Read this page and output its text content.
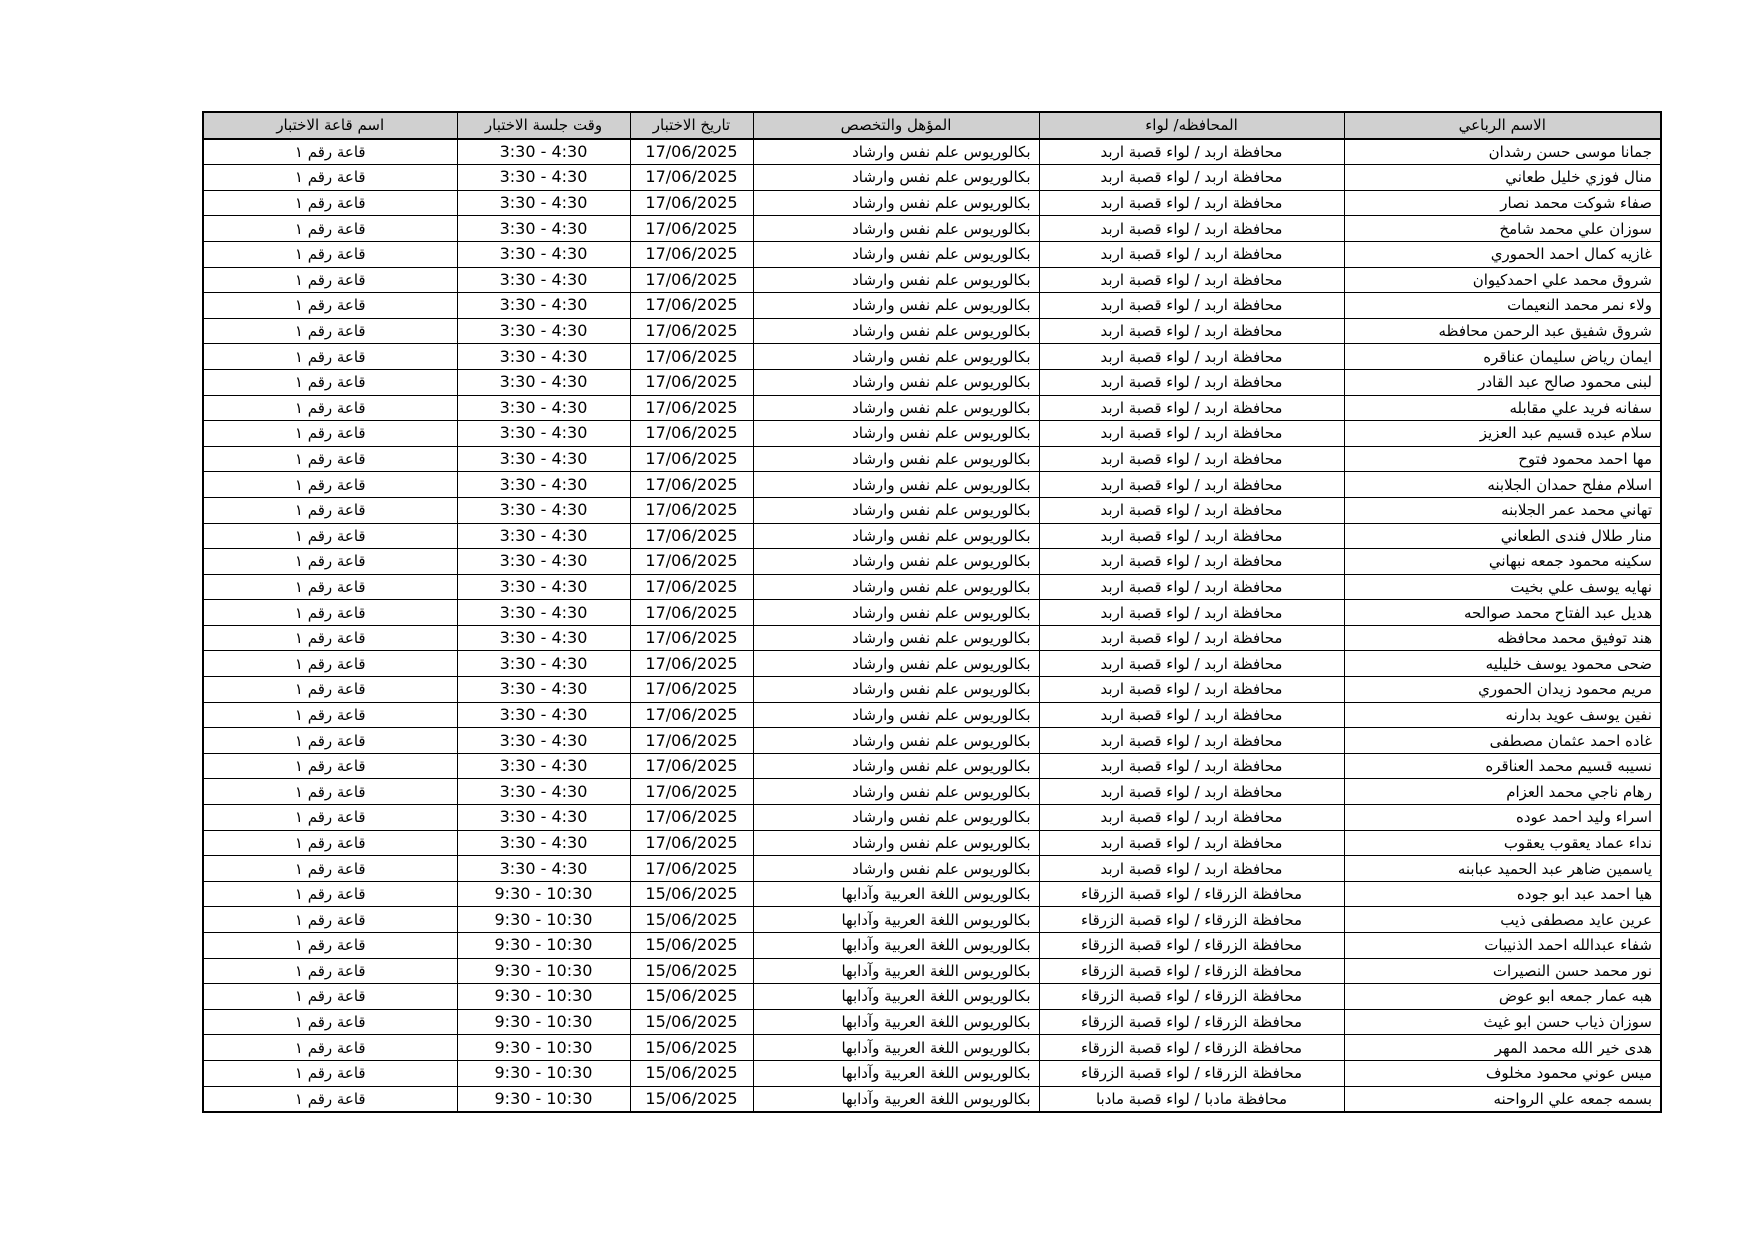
الاسم الرباعي	المحافظه/ لواء	المؤهل والتخصص	تاريخ الاختبار	وقت جلسة الاختبار	اسم قاعة الاختبار
جمانا موسى حسن رشدان	محافظة اربد / لواء قصبة اربد	بكالوريوس علم نفس وارشاد	17/06/2025	3:30 - 4:30	قاعة رقم ١
منال فوزي خليل طعاني	محافظة اربد / لواء قصبة اربد	بكالوريوس علم نفس وارشاد	17/06/2025	3:30 - 4:30	قاعة رقم ١
صفاء شوكت محمد نصار	محافظة اربد / لواء قصبة اربد	بكالوريوس علم نفس وارشاد	17/06/2025	3:30 - 4:30	قاعة رقم ١
سوزان علي محمد شامخ	محافظة اربد / لواء قصبة اربد	بكالوريوس علم نفس وارشاد	17/06/2025	3:30 - 4:30	قاعة رقم ١
غازيه كمال احمد الحموري	محافظة اربد / لواء قصبة اربد	بكالوريوس علم نفس وارشاد	17/06/2025	3:30 - 4:30	قاعة رقم ١
شروق محمد علي احمدكيوان	محافظة اربد / لواء قصبة اربد	بكالوريوس علم نفس وارشاد	17/06/2025	3:30 - 4:30	قاعة رقم ١
ولاء نمر محمد النعيمات	محافظة اربد / لواء قصبة اربد	بكالوريوس علم نفس وارشاد	17/06/2025	3:30 - 4:30	قاعة رقم ١
شروق شفيق عبد الرحمن محافظه	محافظة اربد / لواء قصبة اربد	بكالوريوس علم نفس وارشاد	17/06/2025	3:30 - 4:30	قاعة رقم ١
ايمان رياض سليمان عناقره	محافظة اربد / لواء قصبة اربد	بكالوريوس علم نفس وارشاد	17/06/2025	3:30 - 4:30	قاعة رقم ١
لبنى محمود صالح عبد القادر	محافظة اربد / لواء قصبة اربد	بكالوريوس علم نفس وارشاد	17/06/2025	3:30 - 4:30	قاعة رقم ١
سفانه فريد علي مقابله	محافظة اربد / لواء قصبة اربد	بكالوريوس علم نفس وارشاد	17/06/2025	3:30 - 4:30	قاعة رقم ١
سلام عبده قسيم عبد العزيز	محافظة اربد / لواء قصبة اربد	بكالوريوس علم نفس وارشاد	17/06/2025	3:30 - 4:30	قاعة رقم ١
مها احمد محمود فتوح	محافظة اربد / لواء قصبة اربد	بكالوريوس علم نفس وارشاد	17/06/2025	3:30 - 4:30	قاعة رقم ١
اسلام مفلح حمدان الجلابنه	محافظة اربد / لواء قصبة اربد	بكالوريوس علم نفس وارشاد	17/06/2025	3:30 - 4:30	قاعة رقم ١
تهاني محمد عمر الجلابنه	محافظة اربد / لواء قصبة اربد	بكالوريوس علم نفس وارشاد	17/06/2025	3:30 - 4:30	قاعة رقم ١
منار طلال فندى الطعاني	محافظة اربد / لواء قصبة اربد	بكالوريوس علم نفس وارشاد	17/06/2025	3:30 - 4:30	قاعة رقم ١
سكينه محمود جمعه نبهاني	محافظة اربد / لواء قصبة اربد	بكالوريوس علم نفس وارشاد	17/06/2025	3:30 - 4:30	قاعة رقم ١
نهايه يوسف علي بخيت	محافظة اربد / لواء قصبة اربد	بكالوريوس علم نفس وارشاد	17/06/2025	3:30 - 4:30	قاعة رقم ١
هديل عبد الفتاح محمد صوالحه	محافظة اربد / لواء قصبة اربد	بكالوريوس علم نفس وارشاد	17/06/2025	3:30 - 4:30	قاعة رقم ١
هند توفيق محمد محافظه	محافظة اربد / لواء قصبة اربد	بكالوريوس علم نفس وارشاد	17/06/2025	3:30 - 4:30	قاعة رقم ١
ضحى محمود يوسف خليليه	محافظة اربد / لواء قصبة اربد	بكالوريوس علم نفس وارشاد	17/06/2025	3:30 - 4:30	قاعة رقم ١
مريم محمود زيدان الحموري	محافظة اربد / لواء قصبة اربد	بكالوريوس علم نفس وارشاد	17/06/2025	3:30 - 4:30	قاعة رقم ١
نفين يوسف عويد بدارنه	محافظة اربد / لواء قصبة اربد	بكالوريوس علم نفس وارشاد	17/06/2025	3:30 - 4:30	قاعة رقم ١
غاده احمد عثمان مصطفى	محافظة اربد / لواء قصبة اربد	بكالوريوس علم نفس وارشاد	17/06/2025	3:30 - 4:30	قاعة رقم ١
نسيبه قسيم محمد العناقره	محافظة اربد / لواء قصبة اربد	بكالوريوس علم نفس وارشاد	17/06/2025	3:30 - 4:30	قاعة رقم ١
رهام ناجي محمد العزام	محافظة اربد / لواء قصبة اربد	بكالوريوس علم نفس وارشاد	17/06/2025	3:30 - 4:30	قاعة رقم ١
اسراء وليد احمد عوده	محافظة اربد / لواء قصبة اربد	بكالوريوس علم نفس وارشاد	17/06/2025	3:30 - 4:30	قاعة رقم ١
نداء عماد يعقوب يعقوب	محافظة اربد / لواء قصبة اربد	بكالوريوس علم نفس وارشاد	17/06/2025	3:30 - 4:30	قاعة رقم ١
ياسمين ضاهر عبد الحميد عبابنه	محافظة اربد / لواء قصبة اربد	بكالوريوس علم نفس وارشاد	17/06/2025	3:30 - 4:30	قاعة رقم ١
هيا احمد عبد ابو جوده	محافظة الزرقاء / لواء قصبة الزرقاء	بكالوريوس اللغة العربية وآدابها	15/06/2025	9:30 - 10:30	قاعة رقم ١
عرين عايد مصطفى ذيب	محافظة الزرقاء / لواء قصبة الزرقاء	بكالوريوس اللغة العربية وآدابها	15/06/2025	9:30 - 10:30	قاعة رقم ١
شفاء عبدالله احمد الذنيبات	محافظة الزرقاء / لواء قصبة الزرقاء	بكالوريوس اللغة العربية وآدابها	15/06/2025	9:30 - 10:30	قاعة رقم ١
نور محمد حسن النصيرات	محافظة الزرقاء / لواء قصبة الزرقاء	بكالوريوس اللغة العربية وآدابها	15/06/2025	9:30 - 10:30	قاعة رقم ١
هبه عمار جمعه ابو عوض	محافظة الزرقاء / لواء قصبة الزرقاء	بكالوريوس اللغة العربية وآدابها	15/06/2025	9:30 - 10:30	قاعة رقم ١
سوزان ذياب حسن ابو غيث	محافظة الزرقاء / لواء قصبة الزرقاء	بكالوريوس اللغة العربية وآدابها	15/06/2025	9:30 - 10:30	قاعة رقم ١
هدى خير الله محمد المهر	محافظة الزرقاء / لواء قصبة الزرقاء	بكالوريوس اللغة العربية وآدابها	15/06/2025	9:30 - 10:30	قاعة رقم ١
ميس عوني محمود مخلوف	محافظة الزرقاء / لواء قصبة الزرقاء	بكالوريوس اللغة العربية وآدابها	15/06/2025	9:30 - 10:30	قاعة رقم ١
بسمه جمعه علي الرواحنه	محافظة مادبا / لواء قصبة مادبا	بكالوريوس اللغة العربية وآدابها	15/06/2025	9:30 - 10:30	قاعة رقم ١
